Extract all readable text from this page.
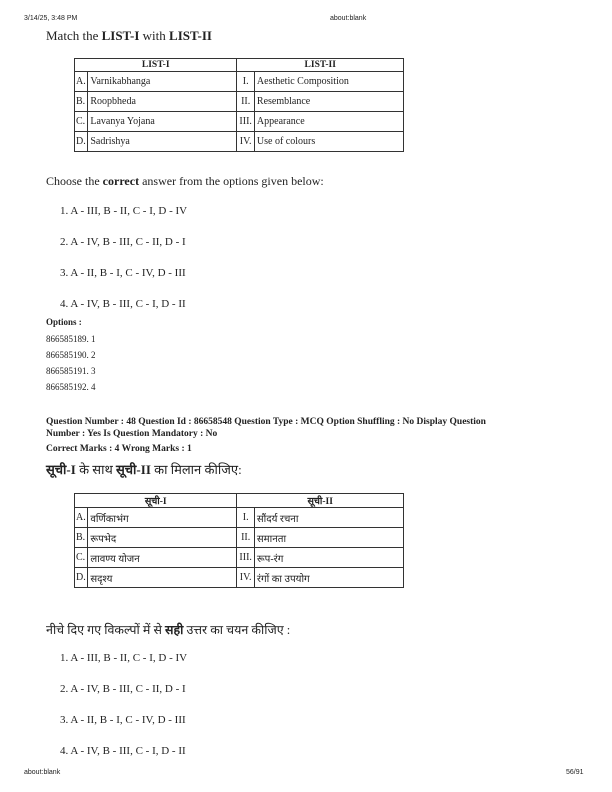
3/14/25, 3:48 PM	about:blank
Match the LIST-I with LIST-II
LIST-I		LIST-II	
A.	Varnikabhanga	I.	Aesthetic Composition
B.	Roopbheda	II.	Resemblance
C.	Lavanya Yojana	III.	Appearance
D.	Sadrishya	IV.	Use of colours
Choose the correct answer from the options given below:
1. A - III, B - II, C - I, D - IV
2. A - IV, B - III, C - II, D - I
3. A - II, B - I, C - IV, D - III
4. A - IV, B - III, C - I, D - II
Options :
866585189. 1
866585190. 2
866585191. 3
866585192. 4
Question Number : 48 Question Id : 86658548 Question Type : MCQ Option Shuffling : No Display Question
Number : Yes Is Question Mandatory : No
Correct Marks : 4 Wrong Marks : 1
सूची-I के साथ सूची-II का मिलान कीजिए:
सूची-I		सूची-II	
A.	वर्णिकाभंग	I.	सौंदर्य रचना
B.	रूपभेद	II.	समानता
C.	लावण्य योजन	III.	रूप-रंग
D.	सदृश्य	IV.	रंगों का उपयोग
नीचे दिए गए विकल्पों में से सही उत्तर का चयन कीजिए :
1. A - III, B - II, C - I, D - IV
2. A - IV, B - III, C - II, D - I
3. A - II, B - I, C - IV, D - III
4. A - IV, B - III, C - I, D - II
about:blank	56/91
